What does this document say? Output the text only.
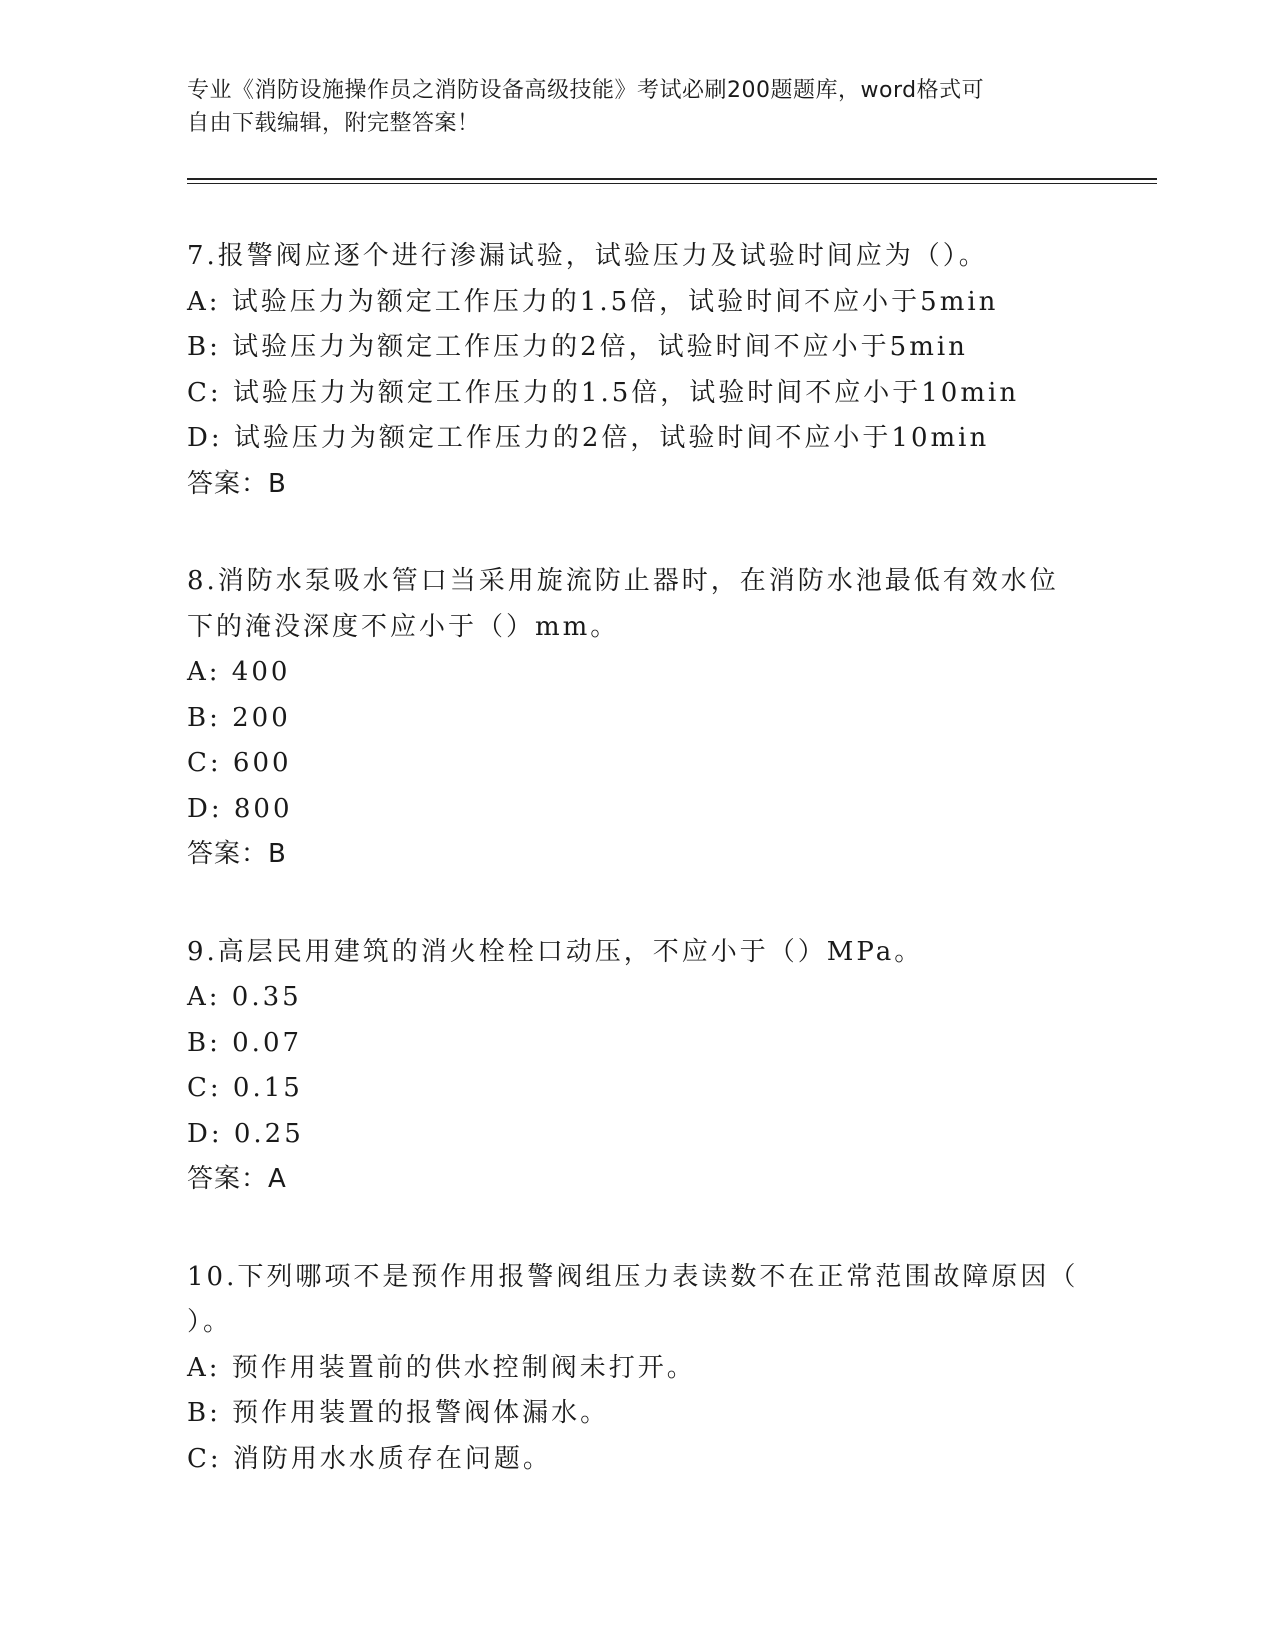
专业《消防设施操作员之消防设备高级技能》考试必刷200题题库，word格式可
自由下载编辑，附完整答案！
7.报警阀应逐个进行渗漏试验，试验压力及试验时间应为（）。
A: 试验压力为额定工作压力的1.5倍，试验时间不应小于5min
B: 试验压力为额定工作压力的2倍，试验时间不应小于5min
C: 试验压力为额定工作压力的1.5倍，试验时间不应小于10min
D: 试验压力为额定工作压力的2倍，试验时间不应小于10min
答案：B
8.消防水泵吸水管口当采用旋流防止器时，在消防水池最低有效水位
下的淹没深度不应小于（）mm。
A: 400
B: 200
C: 600
D: 800
答案：B
9.高层民用建筑的消火栓栓口动压，不应小于（）MPa。
A: 0.35
B: 0.07
C: 0.15
D: 0.25
答案：A
10.下列哪项不是预作用报警阀组压力表读数不在正常范围故障原因（
）。
A: 预作用装置前的供水控制阀未打开。
B: 预作用装置的报警阀体漏水。
C: 消防用水水质存在问题。
